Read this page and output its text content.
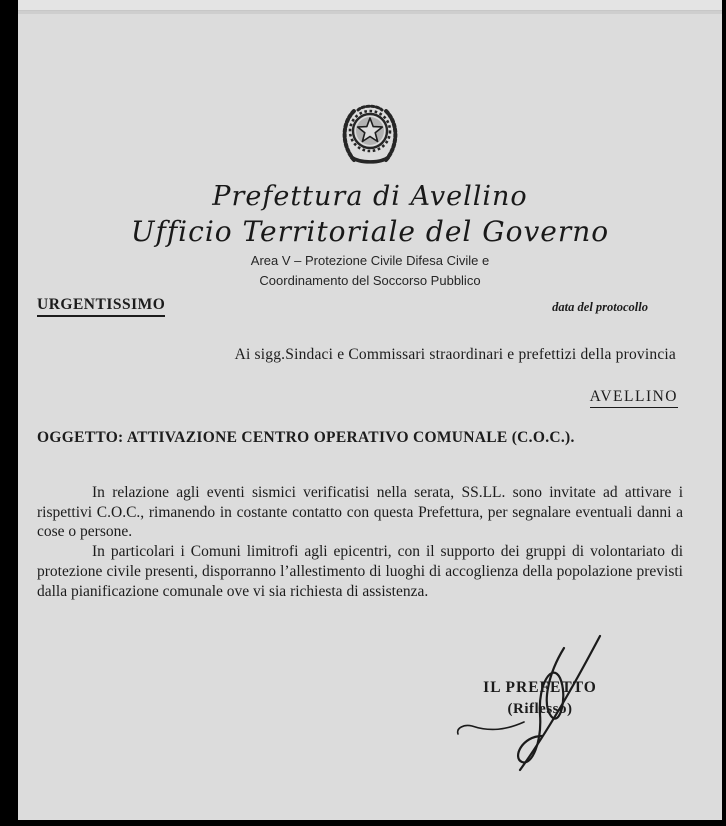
Prefettura di Avellino
Ufficio Territoriale del Governo
Area V – Protezione Civile Difesa Civile e
Coordinamento del Soccorso Pubblico
URGENTISSIMO	data del protocollo
Ai sigg.Sindaci e Commissari straordinari e prefettizi della provincia
AVELLINO
OGGETTO: ATTIVAZIONE CENTRO OPERATIVO COMUNALE (C.O.C.).

In relazione agli eventi sismici verificatisi nella serata, SS.LL. sono invitate ad attivare i rispettivi C.O.C., rimanendo in costante contatto con questa Prefettura, per segnalare eventuali danni a cose o persone.

In particolari i Comuni limitrofi agli epicentri, con il supporto dei gruppi di volontariato di protezione civile presenti, disporranno l’allestimento di luoghi di accoglienza della popolazione previsti dalla pianificazione comunale ove vi sia richiesta di assistenza.

IL PREFETTO
(Riflesso)
